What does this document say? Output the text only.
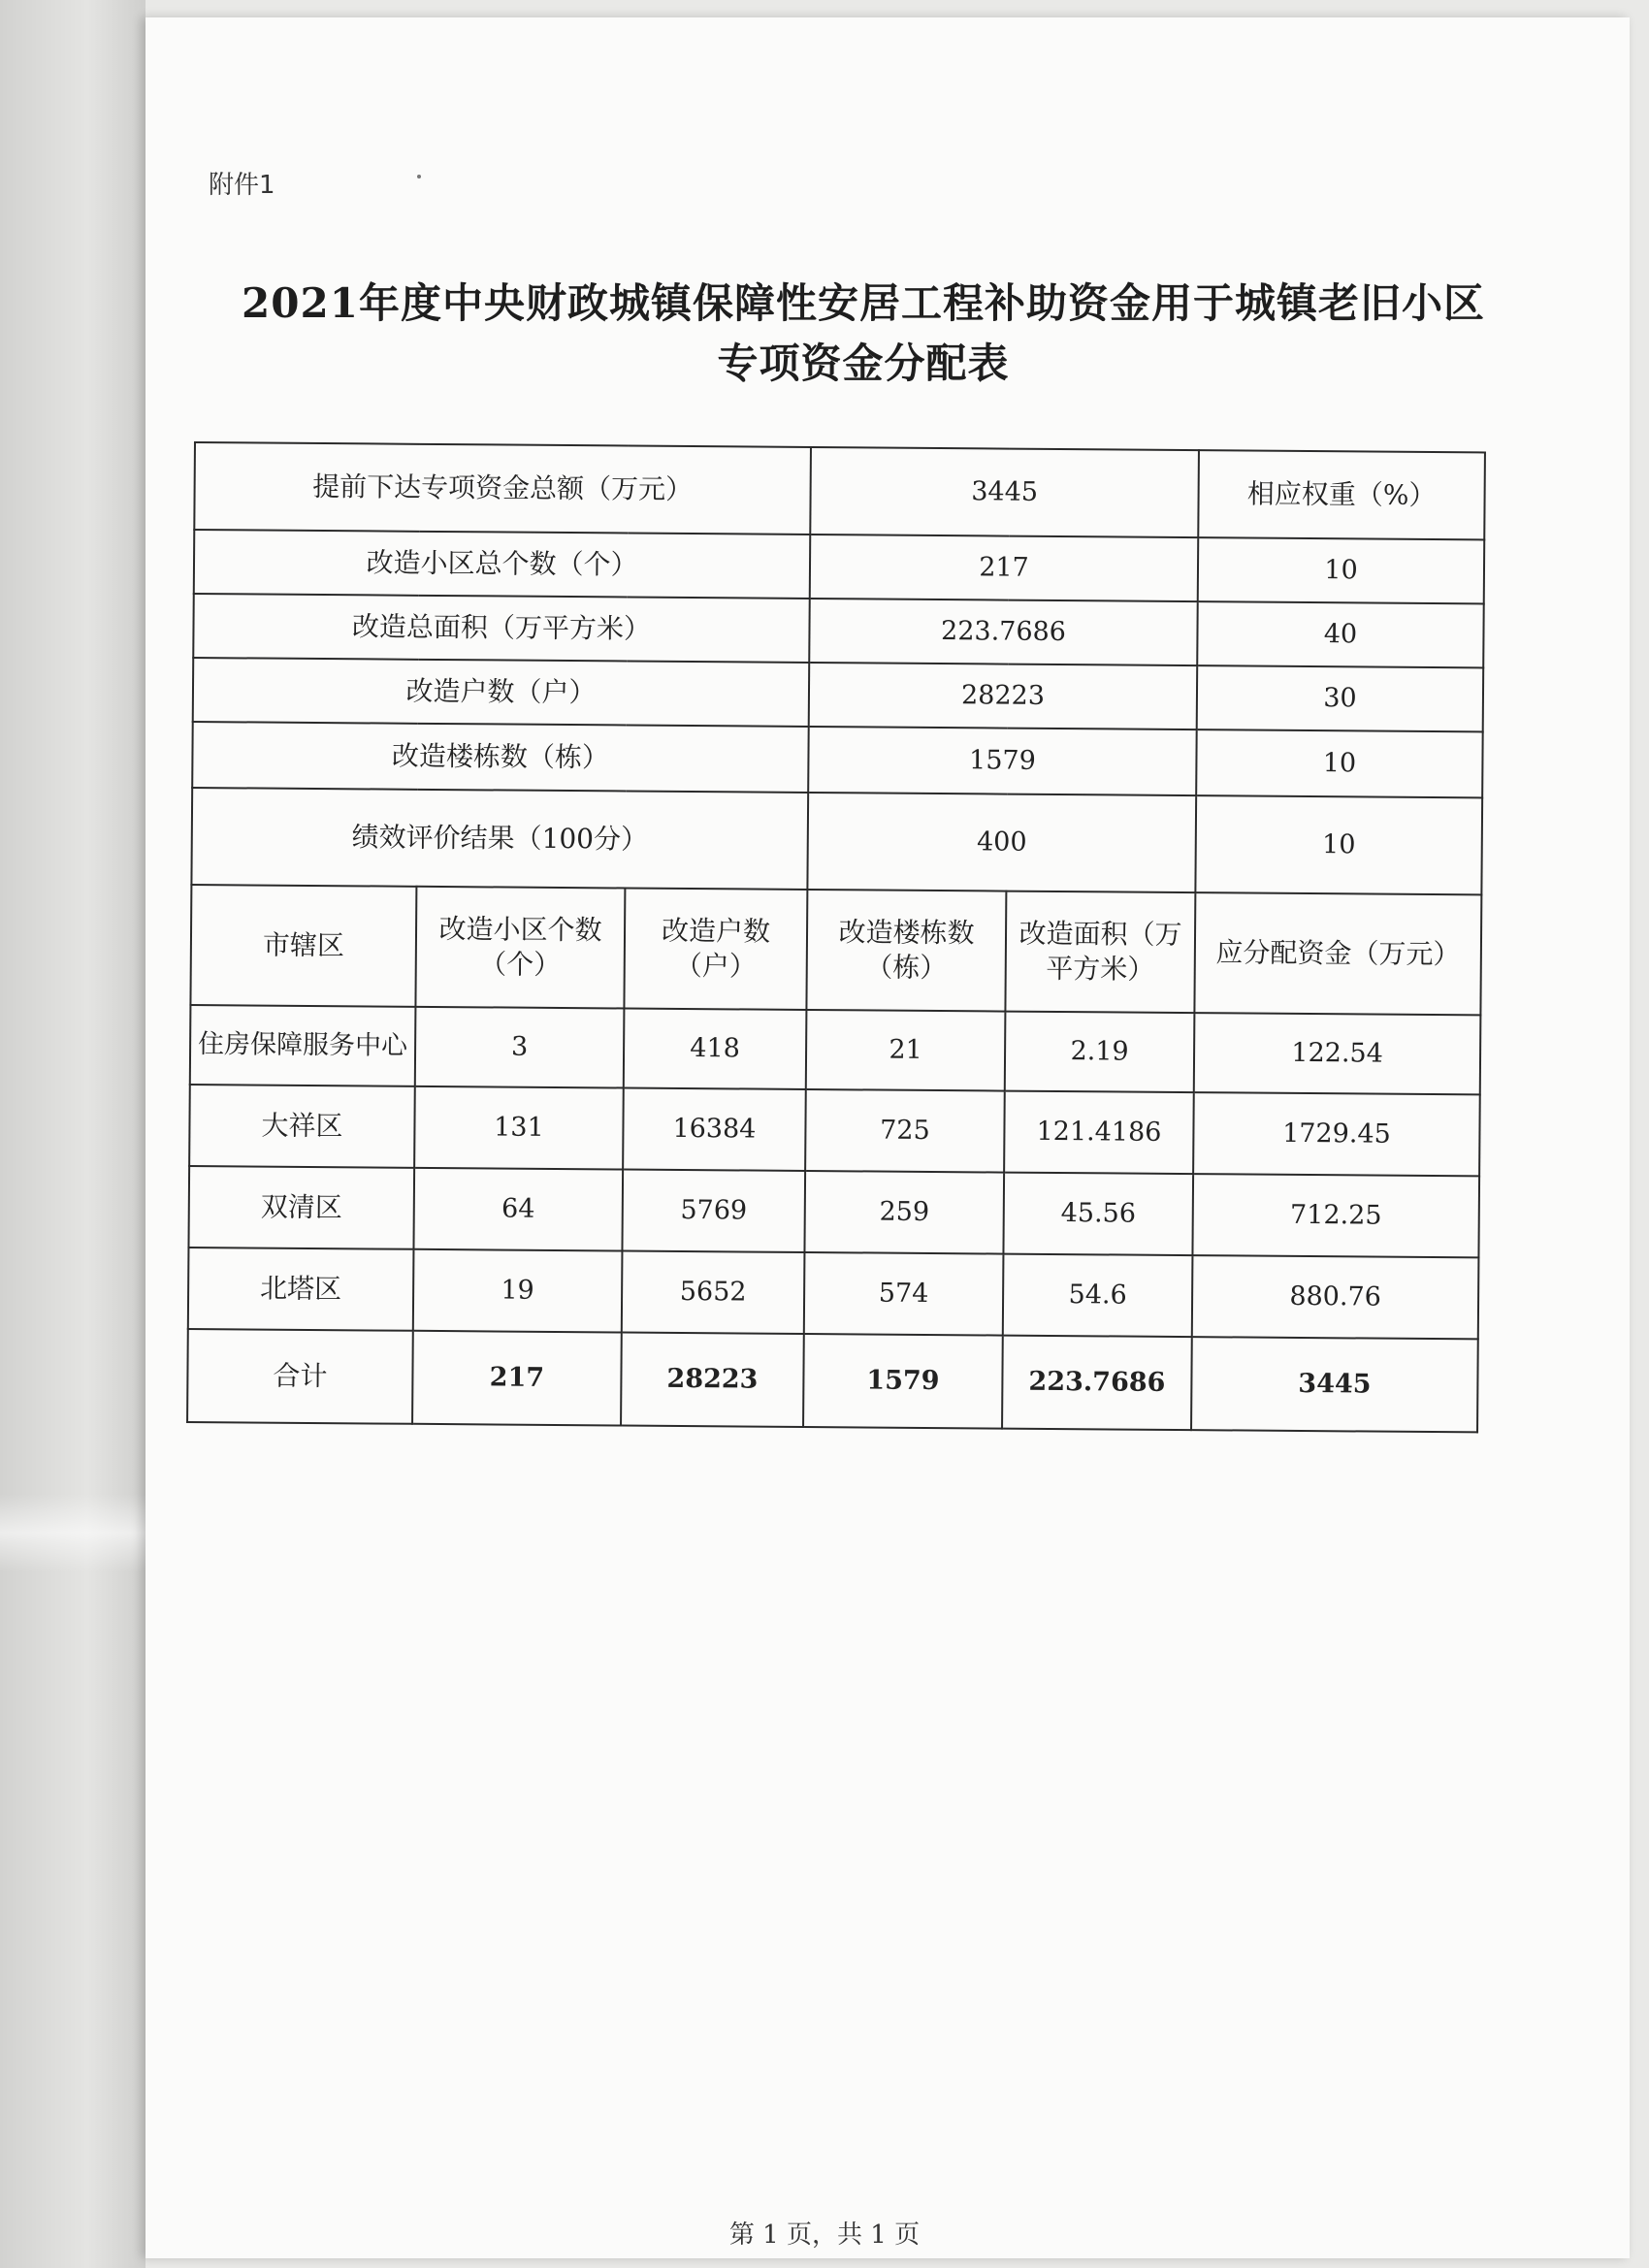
附件1
2021年度中央财政城镇保障性安居工程补助资金用于城镇老旧小区
专项资金分配表
提前下达专项资金总额（万元）			3445		相应权重（%）
改造小区总个数（个）			217		10
改造总面积（万平方米）			223.7686		40
改造户数（户）			28223		30
改造楼栋数（栋）			1579		10
绩效评价结果（100分）			400		10
市辖区	改造小区个数（个）	改造户数（户）	改造楼栋数（栋）	改造面积（万平方米）	应分配资金（万元）
住房保障服务中心	3	418	21	2.19	122.54
大祥区	131	16384	725	121.4186	1729.45
双清区	64	5769	259	45.56	712.25
北塔区	19	5652	574	54.6	880.76
合计	217	28223	1579	223.7686	3445
第 1 页，共 1 页
